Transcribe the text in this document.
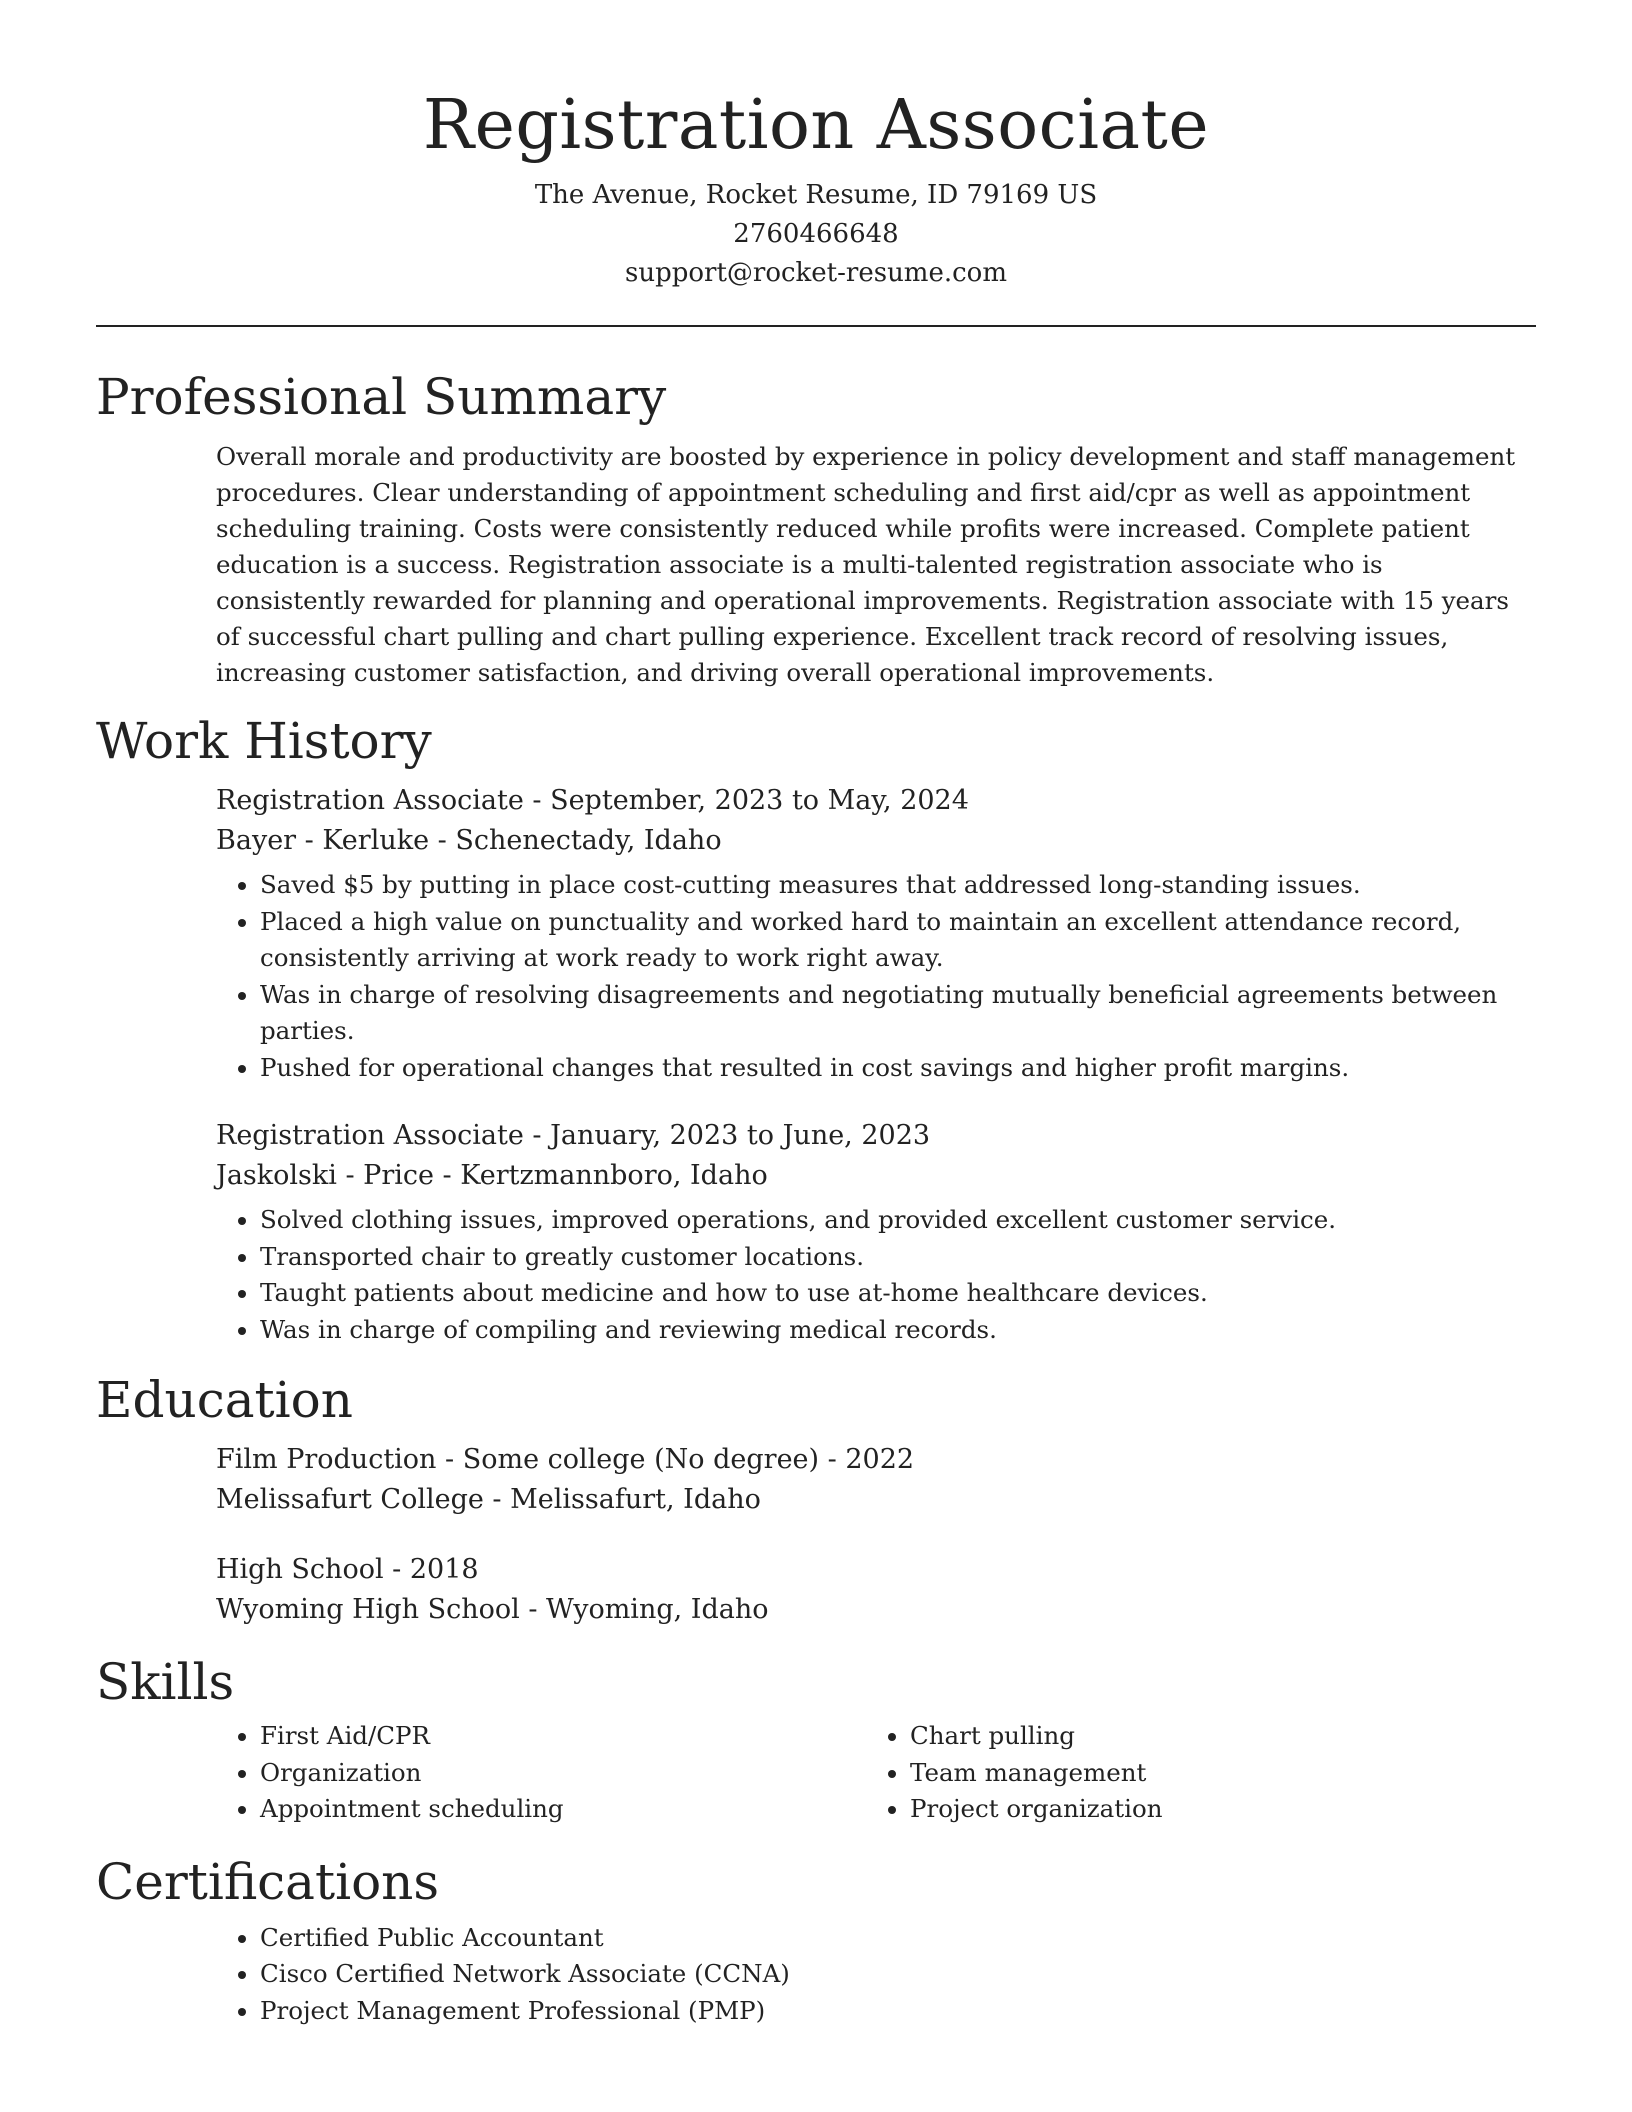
Registration Associate
The Avenue, Rocket Resume, ID 79169 US
2760466648
support@rocket-resume.com
Professional Summary

Overall morale and productivity are boosted by experience in policy development and staff management procedures. Clear understanding of appointment scheduling and first aid/cpr as well as appointment scheduling training. Costs were consistently reduced while profits were increased. Complete patient education is a success. Registration associate is a multi-talented registration associate who is consistently rewarded for planning and operational improvements. Registration associate with 15 years of successful chart pulling and chart pulling experience. Excellent track record of resolving issues, increasing customer satisfaction, and driving overall operational improvements.

Work History
Registration Associate - September, 2023 to May, 2024
Bayer - Kerluke - Schenectady, Idaho
• Saved $5 by putting in place cost-cutting measures that addressed long-standing issues.
• Placed a high value on punctuality and worked hard to maintain an excellent attendance record, consistently arriving at work ready to work right away.
• Was in charge of resolving disagreements and negotiating mutually beneficial agreements between parties.
• Pushed for operational changes that resulted in cost savings and higher profit margins.
Registration Associate - January, 2023 to June, 2023
Jaskolski - Price - Kertzmannboro, Idaho
• Solved clothing issues, improved operations, and provided excellent customer service.
• Transported chair to greatly customer locations.
• Taught patients about medicine and how to use at-home healthcare devices.
• Was in charge of compiling and reviewing medical records.
Education
Film Production - Some college (No degree) - 2022
Melissafurt College - Melissafurt, Idaho
High School - 2018
Wyoming High School - Wyoming, Idaho
Skills
• First Aid/CPR
• Organization
• Appointment scheduling
• Chart pulling
• Team management
• Project organization
Certifications
• Certified Public Accountant
• Cisco Certified Network Associate (CCNA)
• Project Management Professional (PMP)
